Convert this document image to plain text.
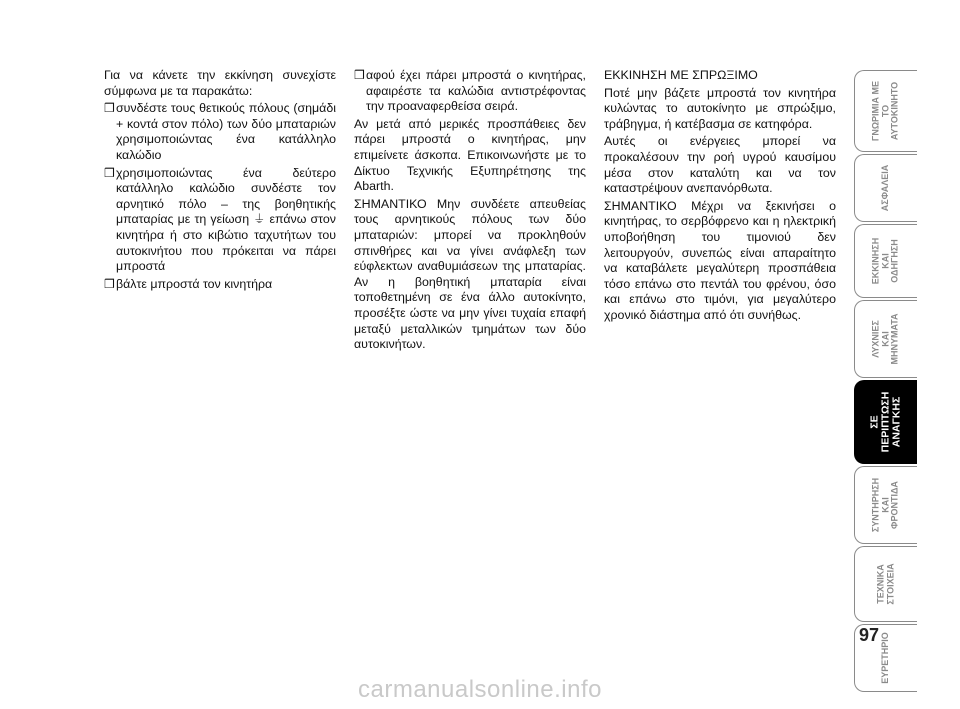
Για να κάνετε την εκκίνηση συνεχίστε σύμφωνα με τα παρακάτω:

❒ συνδέστε τους θετικούς πόλους (σημάδι + κοντά στον πόλο) των δύο μπαταριών χρησιμοποιώντας ένα κατάλληλο καλώδιο
❒ χρησιμοποιώντας ένα δεύτερο κατάλληλο καλώδιο συνδέστε τον αρνητικό πόλο – της βοηθητικής μπαταρίας με τη γείωση ⏚ επάνω στον κινητήρα ή στο κιβώτιο ταχυτήτων του αυτοκινήτου που πρόκειται να πάρει μπροστά
❒ βάλτε μπροστά τον κινητήρα
❒ αφού έχει πάρει μπροστά ο κινητήρας, αφαιρέστε τα καλώδια αντιστρέφοντας την προαναφερθείσα σειρά.

Αν μετά από μερικές προσπάθειες δεν πάρει μπροστά ο κινητήρας, μην επιμείνετε άσκοπα. Επικοινωνήστε με το Δίκτυο Τεχνικής Εξυπηρέτησης της Abarth.

ΣΗΜΑΝΤΙΚΟ Μην συνδέετε απευθείας τους αρνητικούς πόλους των δύο μπαταριών: μπορεί να προκληθούν σπινθήρες και να γίνει ανάφλεξη των εύφλεκτων αναθυμιάσεων της μπαταρίας. Αν η βοηθητική μπαταρία είναι τοποθετημένη σε ένα άλλο αυτοκίνητο, προσέξτε ώστε να μην γίνει τυχαία επαφή μεταξύ μεταλλικών τμημάτων των δύο αυτοκινήτων.

ΕΚΚΙΝΗΣΗ ΜΕ ΣΠΡΩΞΙΜΟ

Ποτέ μην βάζετε μπροστά τον κινητήρα κυλώντας το αυτοκίνητο με σπρώξιμο, τράβηγμα, ή κατέβασμα σε κατηφόρα.

Αυτές οι ενέργειες μπορεί να προκαλέσουν την ροή υγρού καυσίμου μέσα στον καταλύτη και να τον καταστρέψουν ανεπανόρθωτα.

ΣΗΜΑΝΤΙΚΟ Μέχρι να ξεκινήσει ο κινητήρας, το σερβόφρενο και η ηλεκτρική υποβοήθηση του τιμονιού δεν λειτουργούν, συνεπώς είναι απαραίτητο να καταβάλετε μεγαλύτερη προσπάθεια τόσο επάνω στο πεντάλ του φρένου, όσο και επάνω στο τιμόνι, για μεγαλύτερο χρονικό διάστημα από ότι συνήθως.

ΓΝΩΡΙΜΙΑ ΜΕ ΤΟ ΑΥΤΟΚΙΝΗΤΟ
ΑΣΦΑΛΕΙΑ
ΕΚΚΙΝΗΣΗ ΚΑΙ ΟΔΗΓΗΣΗ
ΛΥΧΝΙΕΣ ΚΑΙ ΜΗΝΥΜΑΤΑ
ΣΕ ΠΕΡΙΠΤΩΣΗ ΑΝΑΓΚΗΣ
ΣΥΝΤΗΡΗΣΗ ΚΑΙ ΦΡΟΝΤΙΔΑ
ΤΕΧΝΙΚΑ ΣΤΟΙΧΕΙΑ
ΕΥΡΕΤΗΡΙΟ
97
carmanualsonline.info
